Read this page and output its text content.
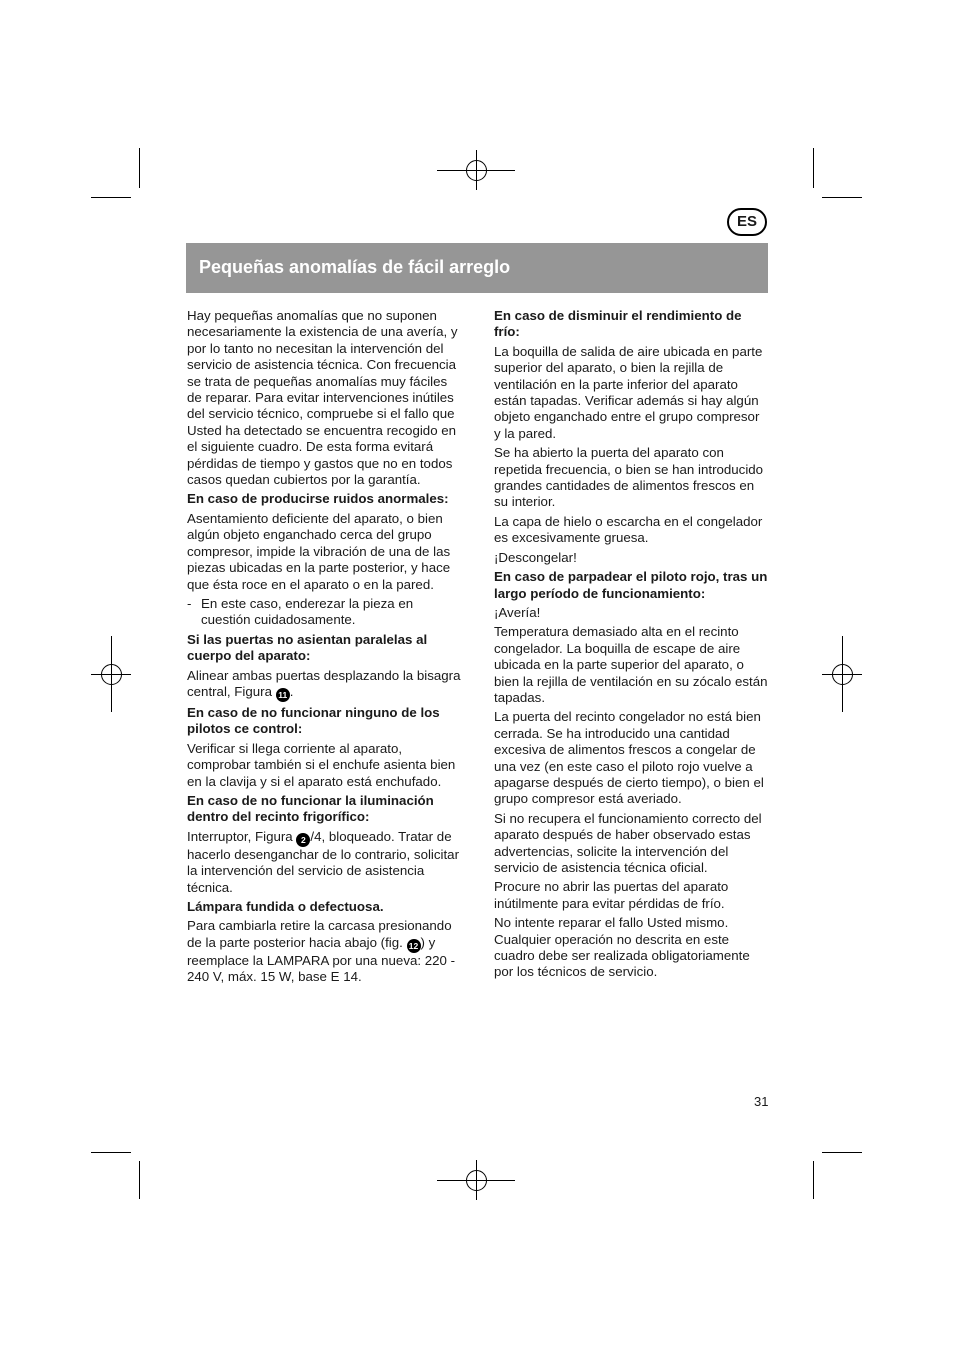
ES
Pequeñas anomalías de fácil arreglo

Hay pequeñas anomalías que no suponen necesariamente la existencia de una avería, y por lo tanto no necesitan la intervención del servicio de asistencia técnica. Con frecuencia se trata de pequeñas anomalías muy fáciles de reparar. Para evitar intervenciones inútiles del servicio técnico, compruebe si el fallo que Usted ha detectado se encuentra recogido en el siguiente cuadro. De esta forma evitará pérdidas de tiempo y gastos que no en todos casos quedan cubiertos por la garantía.

En caso de producirse ruidos anormales:

Asentamiento deficiente del aparato, o bien algún objeto enganchado cerca del grupo compresor, impide la vibración de una de las piezas ubicadas en la parte posterior, y hace que ésta roce en el aparato o en la pared.

- En este caso, enderezar la pieza en cuestión cuidadosamente.
Si las puertas no asientan paralelas al cuerpo del aparato:

Alinear ambas puertas desplazando la bisagra central, Figura 11 .

En caso de no funcionar ninguno de los pilotos ce control:

Verificar si llega corriente al aparato, comprobar también si el enchufe asienta bien en la clavija y si el aparato está enchufado.

En caso de no funcionar la iluminación dentro del recinto frigorífico:

Interruptor, Figura 2 /4, bloqueado. Tratar de hacerlo desenganchar de lo contrario, solicitar la intervención del servicio de asistencia técnica.

Lámpara fundida o defectuosa.

Para cambiarla retire la carcasa presionando de la parte posterior hacia abajo (fig. 12 ) y reemplace la LAMPARA por una nueva: 220 - 240 V, máx. 15 W, base E 14.

En caso de disminuir el rendimiento de frío:

La boquilla de salida de aire ubicada en parte superior del aparato, o bien la rejilla de ventilación en la parte inferior del aparato están tapadas. Verificar además si hay algún objeto enganchado entre el grupo compresor y la pared.

Se ha abierto la puerta del aparato con repetida frecuencia, o bien se han introducido grandes cantidades de alimentos frescos en su interior.

La capa de hielo o escarcha en el congelador es excesivamente gruesa.

¡Descongelar!

En caso de parpadear el piloto rojo, tras un largo período de funcionamiento:

¡Avería!

Temperatura demasiado alta en el recinto congelador. La boquilla de escape de aire ubicada en la parte superior del aparato, o bien la rejilla de ventilación en su zócalo están tapadas.

La puerta del recinto congelador no está bien cerrada. Se ha introducido una cantidad excesiva de alimentos frescos a congelar de una vez (en este caso el piloto rojo vuelve a apagarse después de cierto tiempo), o bien el grupo compresor está averiado.

Si no recupera el funcionamiento correcto del aparato después de haber observado estas advertencias, solicite la intervención del servicio de asistencia técnica oficial.

Procure no abrir las puertas del aparato inútilmente para evitar pérdidas de frío.

No intente reparar el fallo Usted mismo. Cualquier operación no descrita en este cuadro debe ser realizada obligatoriamente por los técnicos de servicio.

31
